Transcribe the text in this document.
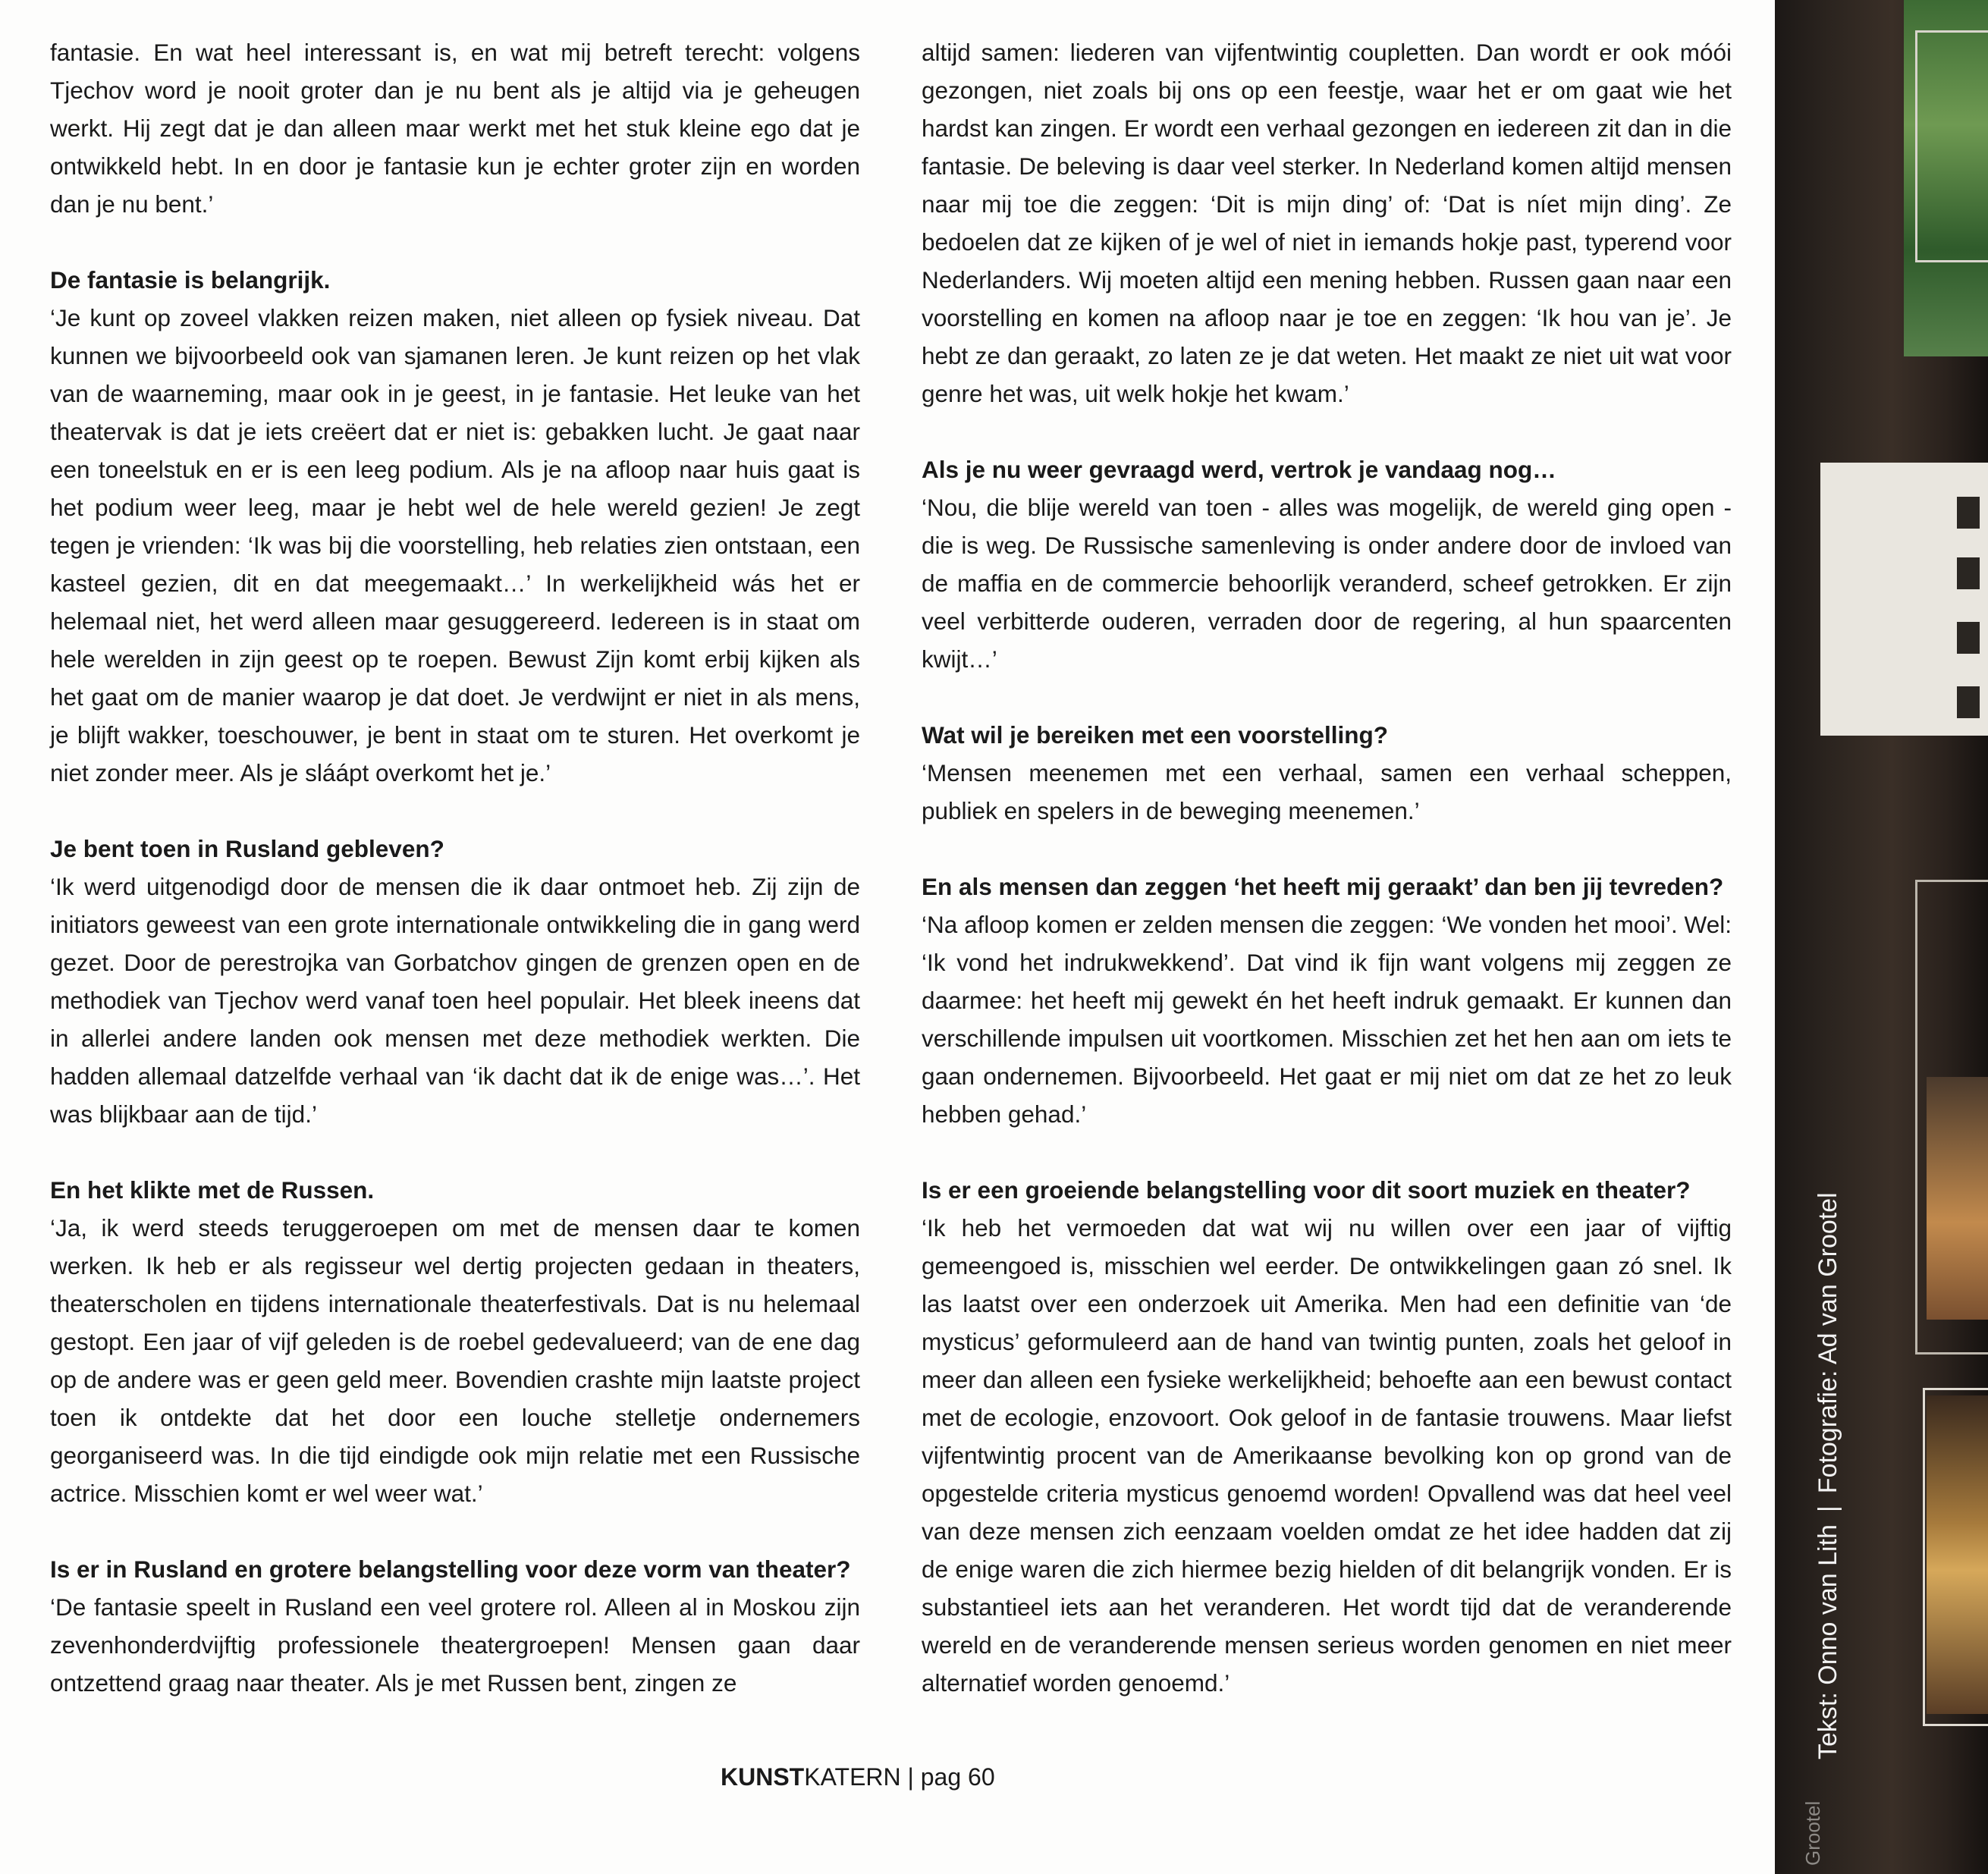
fantasie. En wat heel interessant is, en wat mij betreft terecht: volgens Tjechov word je nooit groter dan je nu bent als je altijd via je geheugen werkt. Hij zegt dat je dan alleen maar werkt met het stuk kleine ego dat je ontwikkeld hebt. In en door je fantasie kun je echter groter zijn en worden dan je nu bent.’

De fantasie is belangrijk.

‘Je kunt op zoveel vlakken reizen maken, niet alleen op fysiek niveau. Dat kunnen we bijvoorbeeld ook van sjamanen leren. Je kunt reizen op het vlak van de waarneming, maar ook in je geest, in je fantasie. Het leuke van het theatervak is dat je iets creëert dat er niet is: gebakken lucht. Je gaat naar een toneelstuk en er is een leeg podium. Als je na afloop naar huis gaat is het podium weer leeg, maar je hebt wel de hele wereld gezien! Je zegt tegen je vrienden: ‘Ik was bij die voorstelling, heb relaties zien ontstaan, een kasteel gezien, dit en dat meegemaakt…’ In werkelijkheid wás het er helemaal niet, het werd alleen maar gesuggereerd. Iedereen is in staat om hele werelden in zijn geest op te roepen. Bewust Zijn komt erbij kijken als het gaat om de manier waarop je dat doet. Je verdwijnt er niet in als mens, je blijft wakker, toeschouwer, je bent in staat om te sturen. Het overkomt je niet zonder meer. Als je sláápt overkomt het je.’

Je bent toen in Rusland gebleven?

‘Ik werd uitgenodigd door de mensen die ik daar ontmoet heb. Zij zijn de initiators geweest van een grote internationale ontwikkeling die in gang werd gezet. Door de perestrojka van Gorbatchov gingen de grenzen open en de methodiek van Tjechov werd vanaf toen heel populair. Het bleek ineens dat in allerlei andere landen ook mensen met deze methodiek werkten. Die hadden allemaal datzelfde verhaal van ‘ik dacht dat ik de enige was…’. Het was blijkbaar aan de tijd.’

En het klikte met de Russen.

‘Ja, ik werd steeds teruggeroepen om met de mensen daar te komen werken. Ik heb er als regisseur wel dertig projecten gedaan in theaters, theaterscholen en tijdens internationale theaterfestivals. Dat is nu helemaal gestopt. Een jaar of vijf geleden is de roebel gedevalueerd; van de ene dag op de andere was er geen geld meer. Bovendien crashte mijn laatste project toen ik ontdekte dat het door een louche stelletje ondernemers georganiseerd was. In die tijd eindigde ook mijn relatie met een Russische actrice. Misschien komt er wel weer wat.’

Is er in Rusland en grotere belangstelling voor deze vorm van theater?

‘De fantasie speelt in Rusland een veel grotere rol. Alleen al in Moskou zijn zevenhonderdvijftig professionele theatergroepen! Mensen gaan daar ontzettend graag naar theater. Als je met Russen bent, zingen ze

altijd samen: liederen van vijfentwintig coupletten. Dan wordt er ook móói gezongen, niet zoals bij ons op een feestje, waar het er om gaat wie het hardst kan zingen. Er wordt een verhaal gezongen en iedereen zit dan in die fantasie. De beleving is daar veel sterker. In Nederland komen altijd mensen naar mij toe die zeggen: ‘Dit is mijn ding’ of: ‘Dat is níet mijn ding’. Ze bedoelen dat ze kijken of je wel of niet in iemands hokje past, typerend voor Nederlanders. Wij moeten altijd een mening hebben. Russen gaan naar een voorstelling en komen na afloop naar je toe en zeggen: ‘Ik hou van je’. Je hebt ze dan geraakt, zo laten ze je dat weten. Het maakt ze niet uit wat voor genre het was, uit welk hokje het kwam.’

Als je nu weer gevraagd werd, vertrok je vandaag nog…

‘Nou, die blije wereld van toen - alles was mogelijk, de wereld ging open - die is weg. De Russische samenleving is onder andere door de invloed van de maffia en de commercie behoorlijk veranderd, scheef getrokken. Er zijn veel verbitterde ouderen, verraden door de regering, al hun spaarcenten kwijt…’

Wat wil je bereiken met een voorstelling?

‘Mensen meenemen met een verhaal, samen een verhaal scheppen, publiek en spelers in de beweging meenemen.’

En als mensen dan zeggen ‘het heeft mij geraakt’ dan ben jij tevreden?

‘Na afloop komen er zelden mensen die zeggen: ‘We vonden het mooi’. Wel: ‘Ik vond het indrukwekkend’. Dat vind ik fijn want volgens mij zeggen ze daarmee: het heeft mij gewekt én het heeft indruk gemaakt. Er kunnen dan verschillende impulsen uit voortkomen. Misschien zet het hen aan om iets te gaan ondernemen. Bijvoorbeeld. Het gaat er mij niet om dat ze het zo leuk hebben gehad.’

Is er een groeiende belangstelling voor dit soort muziek en theater?

‘Ik heb het vermoeden dat wat wij nu willen over een jaar of vijftig gemeengoed is, misschien wel eerder. De ontwikkelingen gaan zó snel. Ik las laatst over een onderzoek uit Amerika. Men had een definitie van ‘de mysticus’ geformuleerd aan de hand van twintig punten, zoals het geloof in meer dan alleen een fysieke werkelijkheid; behoefte aan een bewust contact met de ecologie, enzovoort. Ook geloof in de fantasie trouwens. Maar liefst vijfentwintig procent van de Amerikaanse bevolking kon op grond van de opgestelde criteria mysticus genoemd worden! Opvallend was dat heel veel van deze mensen zich eenzaam voelden omdat ze het idee hadden dat zij de enige waren die zich hiermee bezig hielden of dit belangrijk vonden. Er is substantieel iets aan het veranderen. Het wordt tijd dat de veranderende wereld en de veranderende mensen serieus worden genomen en niet meer alternatief worden genoemd.’

KUNSTKATERN | pag 60
Tekst: Onno van Lith|Fotografie: Ad van Grootel
Grootel
